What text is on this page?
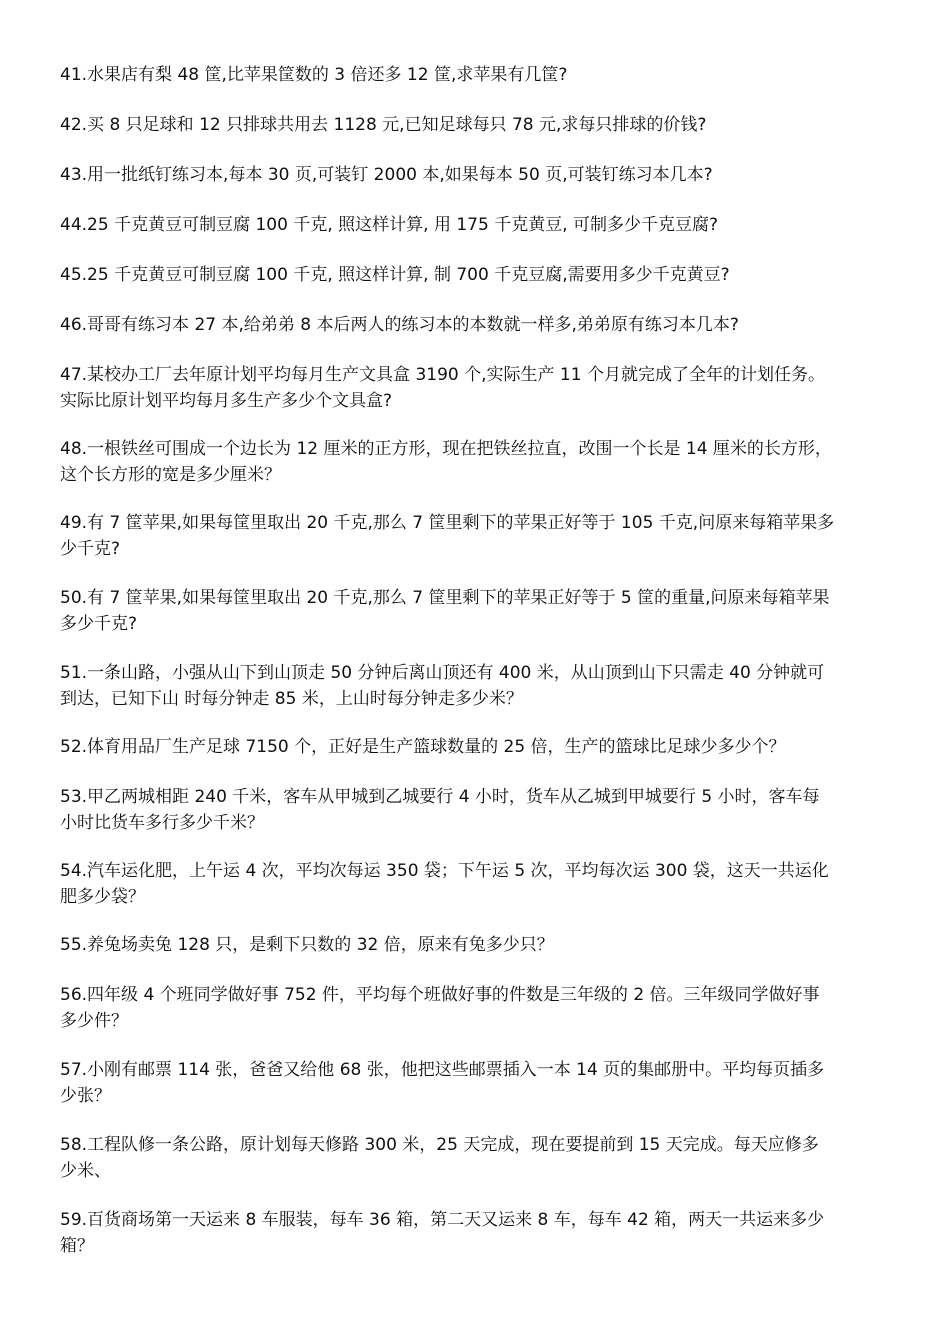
41.水果店有梨 48 筐,比苹果筐数的 3 倍还多 12 筐,求苹果有几筐?
42.买 8 只足球和 12 只排球共用去 1128 元,已知足球每只 78 元,求每只排球的价钱?
43.用一批纸钉练习本,每本 30 页,可装钉 2000 本,如果每本 50 页,可装钉练习本几本?
44.25 千克黄豆可制豆腐 100 千克, 照这样计算, 用 175 千克黄豆, 可制多少千克豆腐?
45.25 千克黄豆可制豆腐 100 千克, 照这样计算, 制 700 千克豆腐,需要用多少千克黄豆?
46.哥哥有练习本 27 本,给弟弟 8 本后两人的练习本的本数就一样多,弟弟原有练习本几本?
47.某校办工厂去年原计划平均每月生产文具盒 3190 个,实际生产 11 个月就完成了全年的计划任务。
实际比原计划平均每月多生产多少个文具盒?
48.一根铁丝可围成一个边长为 12 厘米的正方形，现在把铁丝拉直，改围一个长是 14 厘米的长方形，
这个长方形的宽是多少厘米？
49.有 7 筐苹果,如果每筐里取出 20 千克,那么 7 筐里剩下的苹果正好等于 105 千克,问原来每箱苹果多
少千克?
50.有 7 筐苹果,如果每筐里取出 20 千克,那么 7 筐里剩下的苹果正好等于 5 筐的重量,问原来每箱苹果
多少千克?
51.一条山路，小强从山下到山顶走 50 分钟后离山顶还有 400 米，从山顶到山下只需走 40 分钟就可
到达，已知下山 时每分钟走 85 米，上山时每分钟走多少米？
52.体育用品厂生产足球 7150 个，正好是生产篮球数量的 25 倍，生产的篮球比足球少多少个？
53.甲乙两城相距 240 千米，客车从甲城到乙城要行 4 小时，货车从乙城到甲城要行 5 小时，客车每
小时比货车多行多少千米？
54.汽车运化肥，上午运 4 次，平均次每运 350 袋；下午运 5 次，平均每次运 300 袋，这天一共运化
肥多少袋？
55.养兔场卖兔 128 只，是剩下只数的 32 倍，原来有兔多少只？
56.四年级 4 个班同学做好事 752 件，平均每个班做好事的件数是三年级的 2 倍。三年级同学做好事
多少件？
57.小刚有邮票 114 张，爸爸又给他 68 张，他把这些邮票插入一本 14 页的集邮册中。平均每页插多
少张？
58.工程队修一条公路，原计划每天修路 300 米，25 天完成，现在要提前到 15 天完成。每天应修多
少米、
59.百货商场第一天运来 8 车服装，每车 36 箱，第二天又运来 8 车，每车 42 箱，两天一共运来多少
箱？
